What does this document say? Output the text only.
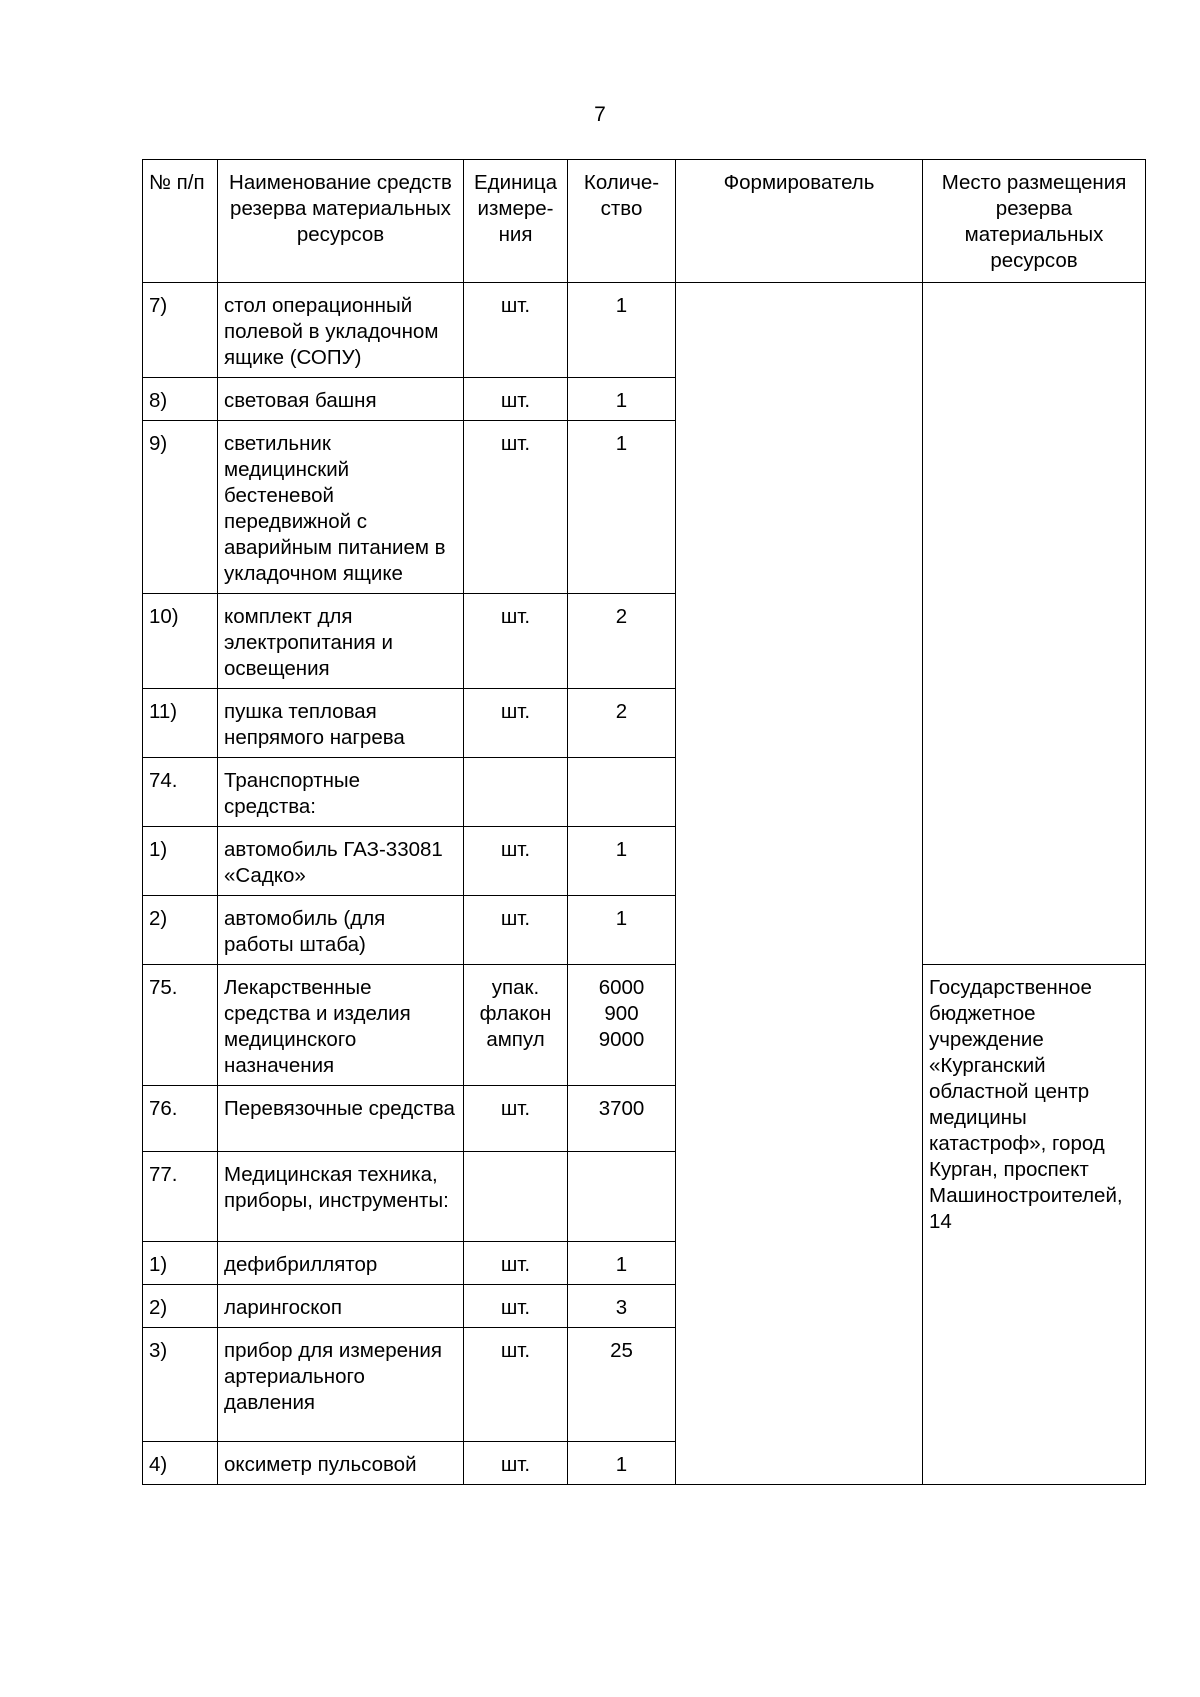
7
№ п/п	Наименование средств резерва материальных ресурсов	Единица измере-ния	Количе-ство	Формирователь	Место размещения резерва материальных ресурсов
7)	стол операционный полевой в укладочном ящике (СОПУ)	шт.	1		

8)	световая башня	шт.	1		

9)	светильник медицинский бестеневой передвижной с аварийным питанием в укладочном ящике	шт.	1		

10)	комплект для электропитания и освещения	шт.	2		

11)	пушка тепловая непрямого нагрева	шт.	2		

74.	Транспортные средства:				
1)	автомобиль ГАЗ-33081 «Садко»	шт.	1		

2)	автомобиль (для работы штаба)	шт.	1		

75.	Лекарственные средства и изделия медицинского назначения	упак.
флакон
ампул	6000
900
9000		Государственное бюджетное учреждение «Курганский областной центр медицины катастроф», город Курган, проспект Машиностроителей, 14
76.	Перевязочные средства	шт.	3700		

77.	Медицинская техника, приборы, инструменты:				
1)	дефибриллятор	шт.	1		

2)	ларингоскоп	шт.	3		

3)	прибор для измерения артериального давления	шт.	25		

4)	оксиметр пульсовой	шт.	1		
